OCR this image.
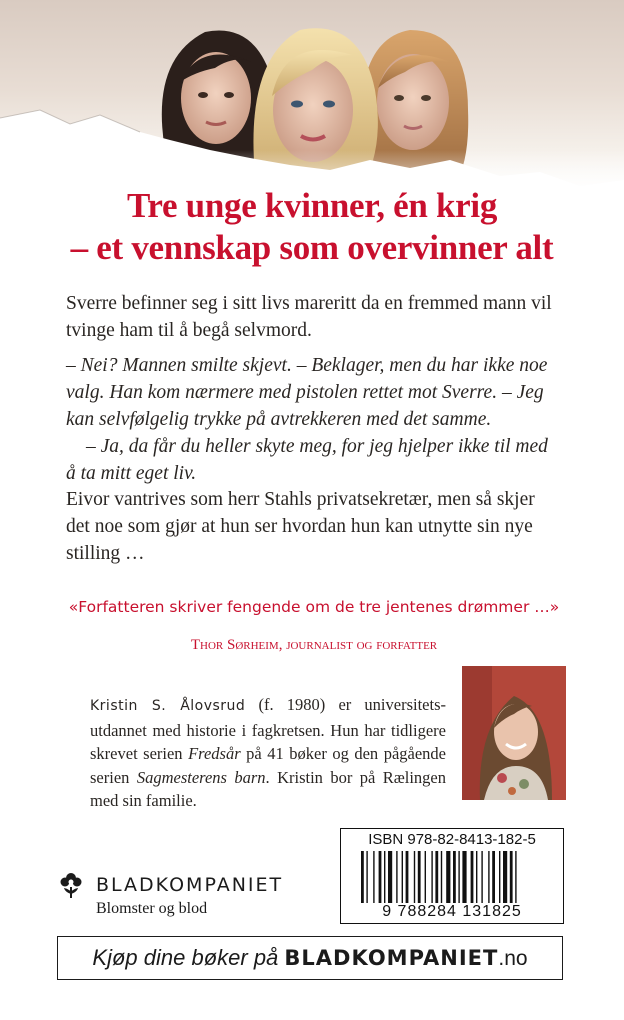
Tre unge kvinner, én krig
– et vennskap som overvinner alt

Sverre befinner seg i sitt livs mareritt da en fremmed mann vil tvinge ham til å begå selvmord.

– Nei? Mannen smilte skjevt. – Beklager, men du har ikke noe valg. Han kom nærmere med pistolen rettet mot Sverre. – Jeg kan selvfølgelig trykke på avtrekkeren med det samme.
– Ja, da får du heller skyte meg, for jeg hjelper ikke til med å ta mitt eget liv.

Eivor vantrives som herr Stahls privatsekretær, men så skjer det noe som gjør at hun ser hvordan hun kan utnytte sin nye stilling …

«Forfatteren skriver fengende om de tre jentenes drømmer …»

Thor Sørheim, journalist og forfatter

Kristin S. Ålovsrud (f. 1980) er universitets-utdannet med historie i fagkretsen. Hun har tidligere skrevet serien Fredsår på 41 bøker og den pågående serien Sagmesterens barn. Kristin bor på Rælingen med sin familie.

ISBN 978-82-8413-182-5
9 788284 131825
BLADKOMPANIET
Blomster og blod
Kjøp dine bøker på BLADKOMPANIET.no
